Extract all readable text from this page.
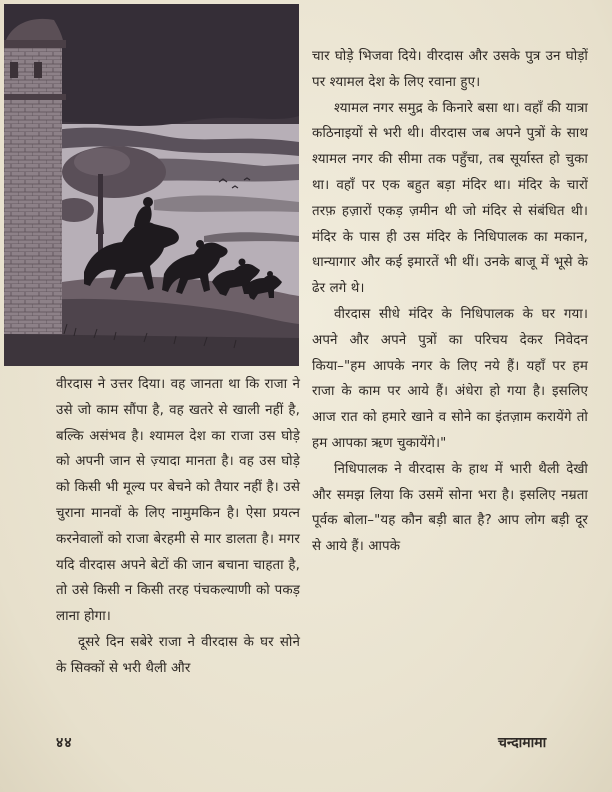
चार घोड़े भिजवा दिये। वीरदास और उसके पुत्र उन घोड़ों पर श्यामल देश के लिए रवाना हुए।

श्यामल नगर समुद्र के किनारे बसा था। वहाँ की यात्रा कठिनाइयों से भरी थी। वीरदास जब अपने पुत्रों के साथ श्यामल नगर की सीमा तक पहुँचा, तब सूर्यास्त हो चुका था। वहाँ पर एक बहुत बड़ा मंदिर था। मंदिर के चारों तरफ़ हज़ारों एकड़ ज़मीन थी जो मंदिर से संबंधित थी। मंदिर के पास ही उस मंदिर के निधिपालक का मकान, धान्यागार और कई इमारतें भी थीं। उनके बाजू में भूसे के ढेर लगे थे।

वीरदास सीधे मंदिर के निधिपालक के घर गया। अपने और अपने पुत्रों का परिचय देकर निवेदन किया–"हम आपके नगर के लिए नये हैं। यहाँ पर हम राजा के काम पर आये हैं। अंधेरा हो गया है। इसलिए आज रात को हमारे खाने व सोने का इंतज़ाम करायेंगे तो हम आपका ऋण चुकायेंगे।"

निधिपालक ने वीरदास के हाथ में भारी थैली देखी और समझ लिया कि उसमें सोना भरा है। इसलिए नम्रता पूर्वक बोला–"यह कौन बड़ी बात है? आप लोग बड़ी दूर से आये हैं। आपके

वीरदास ने उत्तर दिया। वह जानता था कि राजा ने उसे जो काम सौंपा है, वह खतरे से खाली नहीं है, बल्कि असंभव है। श्यामल देश का राजा उस घोड़े को अपनी जान से ज़्यादा मानता है। वह उस घोड़े को किसी भी मूल्य पर बेचने को तैयार नहीं है। उसे चुराना मानवों के लिए नामुमकिन है। ऐसा प्रयत्न करनेवालों को राजा बेरहमी से मार डालता है। मगर यदि वीरदास अपने बेटों की जान बचाना चाहता है, तो उसे किसी न किसी तरह पंचकल्याणी को पकड़ लाना होगा।

दूसरे दिन सबेरे राजा ने वीरदास के घर सोने के सिक्कों से भरी थैली और

४४	चन्दामामा
